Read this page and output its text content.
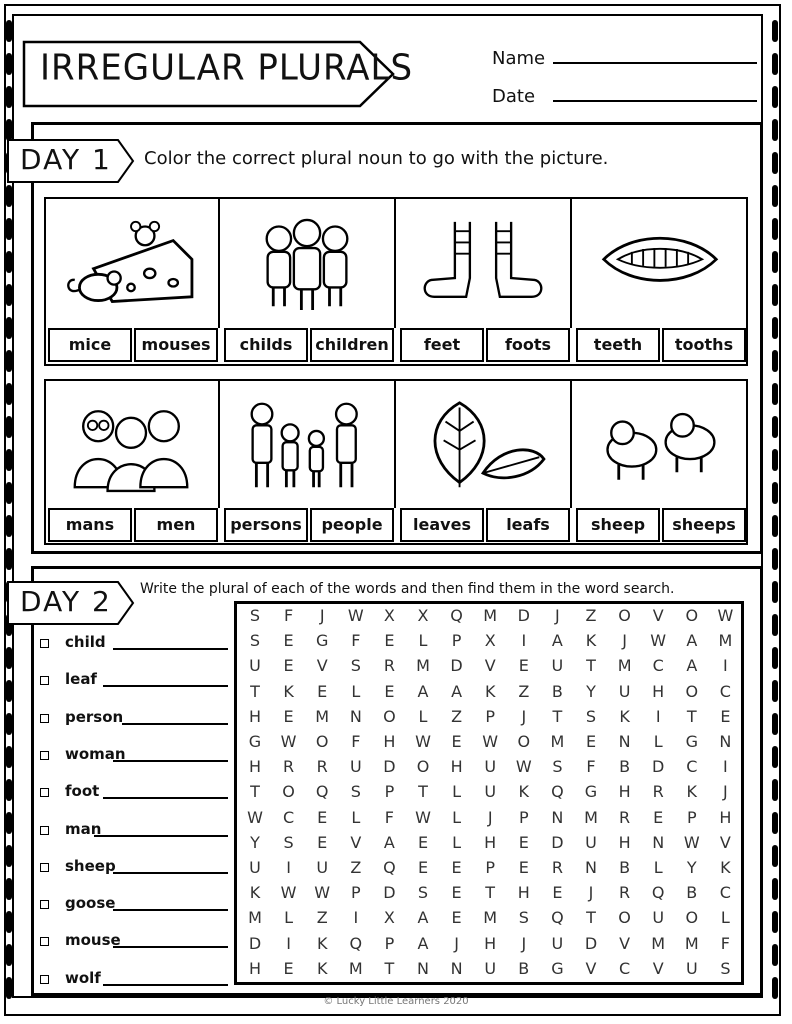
IRREGULAR PLURALS	Name
Date
DAY 1 Color the correct plural noun to go with the picture.
mice	mouses	childs	children	feet	foots	teeth	tooths
mans	men	persons	people	leaves	leafs	sheep	sheeps
DAY 2 Write the plural of each of the words and then find them in the word search.
child
leaf
person
woman
foot
man
sheep
goose
mouse
wolf
S	F	J	W	X	X	Q	M	D	J	Z	O	V	O	W
S	E	G	F	E	L	P	X	I	A	K	J	W	A	M
U	E	V	S	R	M	D	V	E	U	T	M	C	A	I
T	K	E	L	E	A	A	K	Z	B	Y	U	H	O	C
H	E	M	N	O	L	Z	P	J	T	S	K	I	T	E
G	W	O	F	H	W	E	W	O	M	E	N	L	G	N
H	R	R	U	D	O	H	U	W	S	F	B	D	C	I
T	O	Q	S	P	T	L	U	K	Q	G	H	R	K	J
W	C	E	L	F	W	L	J	P	N	M	R	E	P	H
Y	S	E	V	A	E	L	H	E	D	U	H	N	W	V
U	I	U	Z	Q	E	E	P	E	R	N	B	L	Y	K
K	W	W	P	D	S	E	T	H	E	J	R	Q	B	C
M	L	Z	I	X	A	E	M	S	Q	T	O	U	O	L
D	I	K	Q	P	A	J	H	J	U	D	V	M	M	F
H	E	K	M	T	N	N	U	B	G	V	C	V	U	S
© Lucky Little Learners 2020
